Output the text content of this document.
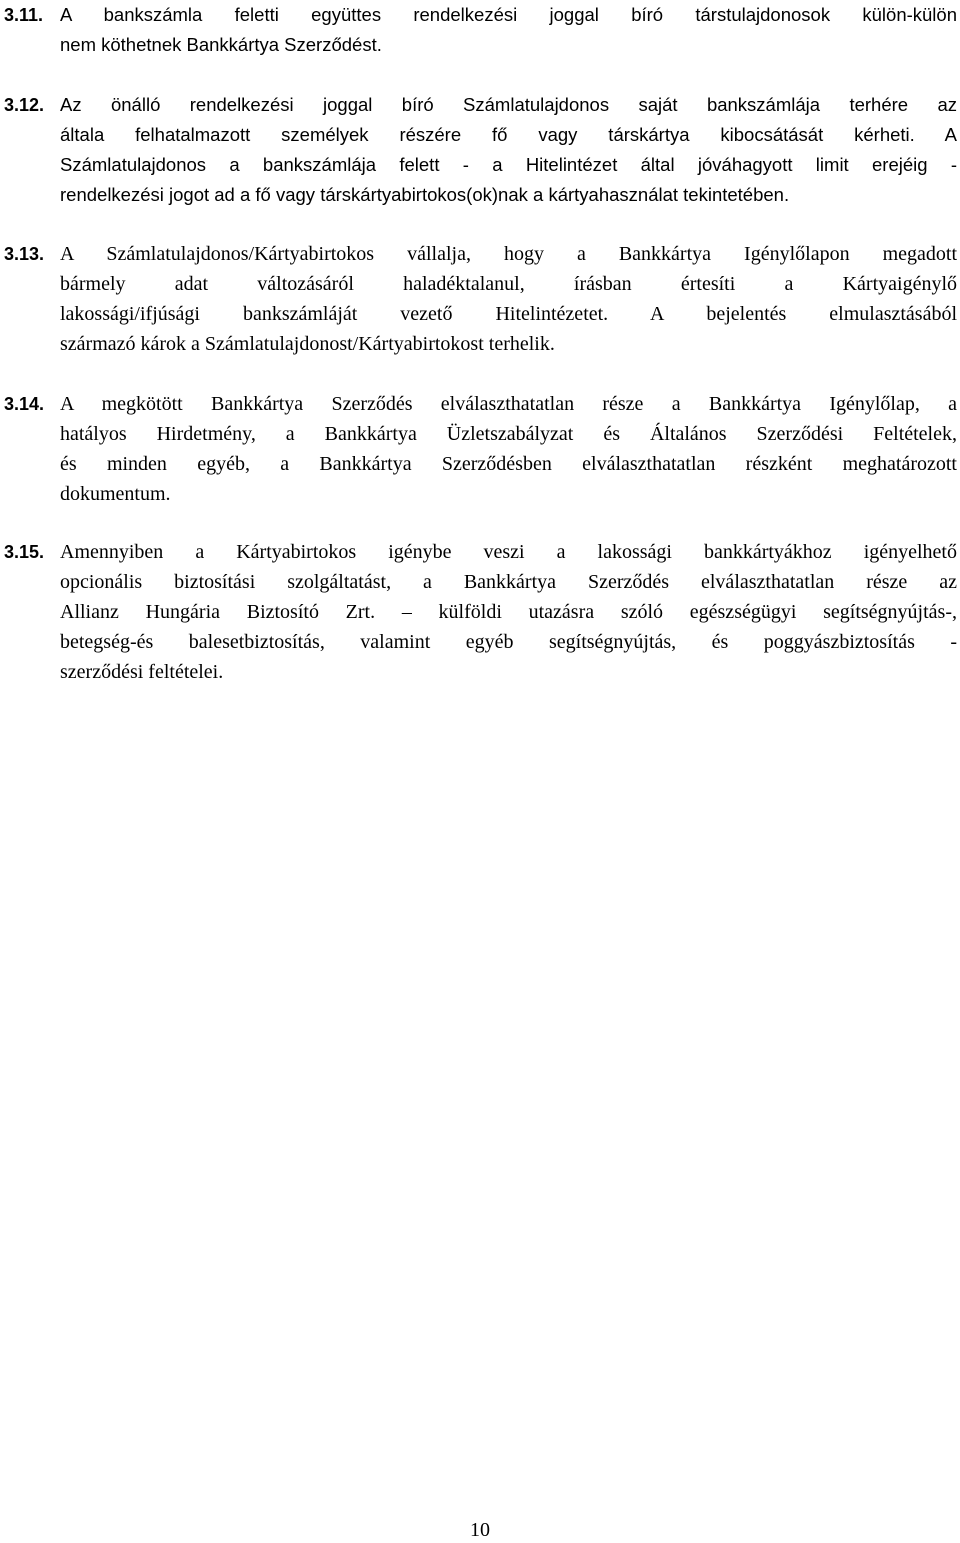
3.11. A bankszámla feletti együttes rendelkezési joggal bíró társtulajdonosok külön-külön
nem köthetnek Bankkártya Szerződést.
3.12. Az önálló rendelkezési joggal bíró Számlatulajdonos saját bankszámlája terhére az
általa felhatalmazott személyek részére fő vagy társkártya kibocsátását kérheti. A
Számlatulajdonos a bankszámlája felett - a Hitelintézet által jóváhagyott limit erejéig -
rendelkezési jogot ad a fő vagy társkártyabirtokos(ok)nak a kártyahasználat tekintetében.
3.13. A Számlatulajdonos/Kártyabirtokos vállalja, hogy a Bankkártya Igénylőlapon megadott
bármely adat változásáról haladéktalanul, írásban értesíti a Kártyaigénylő
lakossági/ifjúsági bankszámláját vezető Hitelintézetet. A bejelentés elmulasztásából
származó károk a Számlatulajdonost/Kártyabirtokost terhelik.
3.14. A megkötött Bankkártya Szerződés elválaszthatatlan része a Bankkártya Igénylőlap, a
hatályos Hirdetmény, a Bankkártya Üzletszabályzat és Általános Szerződési Feltételek,
és minden egyéb, a Bankkártya Szerződésben elválaszthatatlan részként meghatározott
dokumentum.
3.15. Amennyiben a Kártyabirtokos igénybe veszi a lakossági bankkártyákhoz igényelhető
opcionális biztosítási szolgáltatást, a Bankkártya Szerződés elválaszthatatlan része az
Allianz Hungária Biztosító Zrt. – külföldi utazásra szóló egészségügyi segítségnyújtás-,
betegség-és balesetbiztosítás, valamint egyéb segítségnyújtás, és poggyászbiztosítás -
szerződési feltételei.
10
